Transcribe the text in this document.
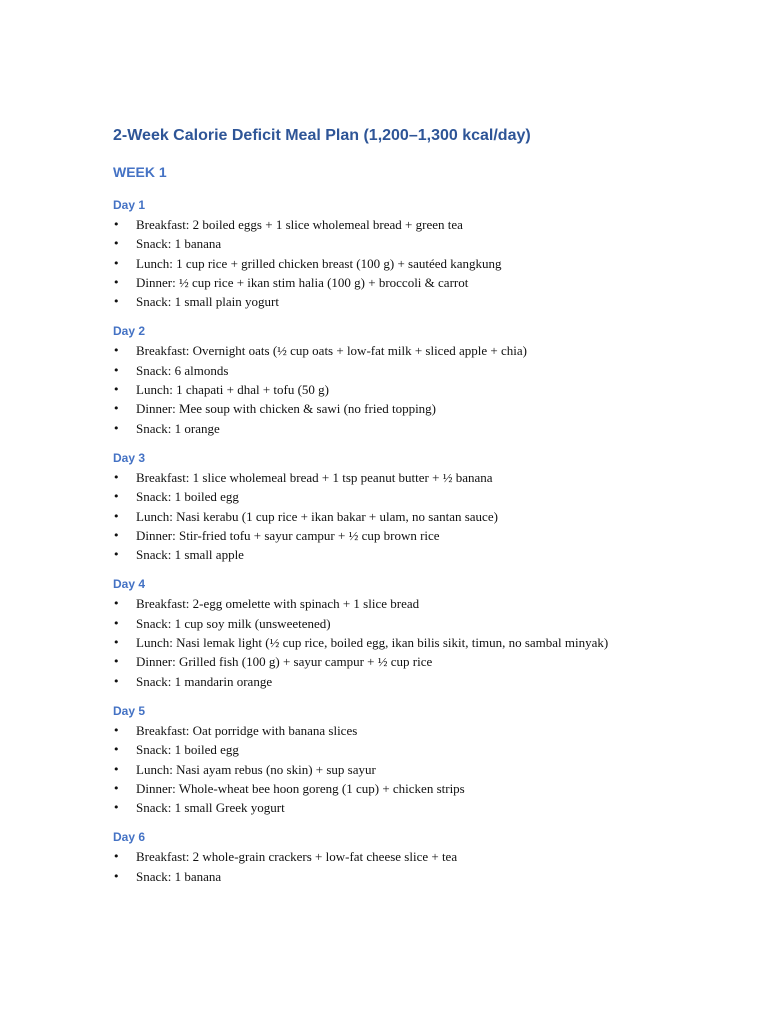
2-Week Calorie Deficit Meal Plan (1,200–1,300 kcal/day)
WEEK 1
Day 1
• Breakfast: 2 boiled eggs + 1 slice wholemeal bread + green tea
• Snack: 1 banana
• Lunch: 1 cup rice + grilled chicken breast (100 g) + sautéed kangkung
• Dinner: ½ cup rice + ikan stim halia (100 g) + broccoli & carrot
• Snack: 1 small plain yogurt
Day 2
• Breakfast: Overnight oats (½ cup oats + low-fat milk + sliced apple + chia)
• Snack: 6 almonds
• Lunch: 1 chapati + dhal + tofu (50 g)
• Dinner: Mee soup with chicken & sawi (no fried topping)
• Snack: 1 orange
Day 3
• Breakfast: 1 slice wholemeal bread + 1 tsp peanut butter + ½ banana
• Snack: 1 boiled egg
• Lunch: Nasi kerabu (1 cup rice + ikan bakar + ulam, no santan sauce)
• Dinner: Stir-fried tofu + sayur campur + ½ cup brown rice
• Snack: 1 small apple
Day 4
• Breakfast: 2-egg omelette with spinach + 1 slice bread
• Snack: 1 cup soy milk (unsweetened)
• Lunch: Nasi lemak light (½ cup rice, boiled egg, ikan bilis sikit, timun, no sambal minyak)
• Dinner: Grilled fish (100 g) + sayur campur + ½ cup rice
• Snack: 1 mandarin orange
Day 5
• Breakfast: Oat porridge with banana slices
• Snack: 1 boiled egg
• Lunch: Nasi ayam rebus (no skin) + sup sayur
• Dinner: Whole-wheat bee hoon goreng (1 cup) + chicken strips
• Snack: 1 small Greek yogurt
Day 6
• Breakfast: 2 whole-grain crackers + low-fat cheese slice + tea
• Snack: 1 banana
